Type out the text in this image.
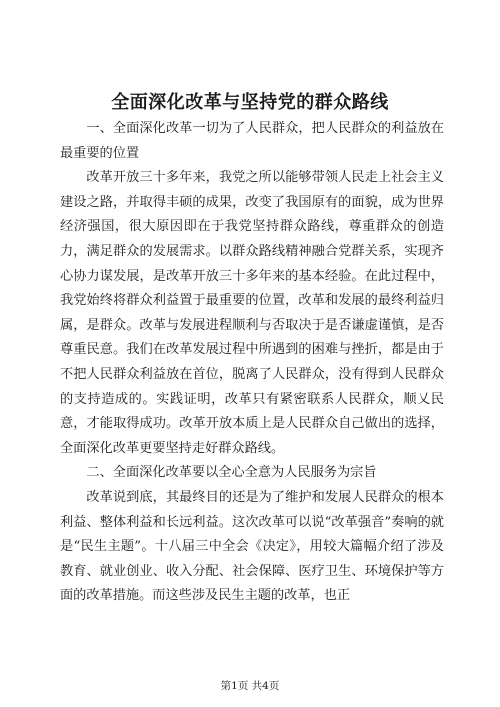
全面深化改革与坚持党的群众路线

一、全面深化改革一切为了人民群众，把人民群众的利益放在最重要的位置

改革开放三十多年来，我党之所以能够带领人民走上社会主义建设之路，并取得丰硕的成果，改变了我国原有的面貌，成为世界经济强国，很大原因即在于我党坚持群众路线，尊重群众的创造力，满足群众的发展需求。以群众路线精神融合党群关系，实现齐心协力谋发展，是改革开放三十多年来的基本经验。在此过程中，我党始终将群众利益置于最重要的位置，改革和发展的最终利益归属，是群众。改革与发展进程顺利与否取决于是否谦虚谨慎，是否尊重民意。我们在改革发展过程中所遇到的困难与挫折，都是由于不把人民群众利益放在首位，脱离了人民群众，没有得到人民群众的支持造成的。实践证明，改革只有紧密联系人民群众，顺乂民意，才能取得成功。改革开放本质上是人民群众自己做出的选择，全面深化改革更要坚持走好群众路线。

二、全面深化改革要以全心全意为人民服务为宗旨

改革说到底，其最终目的还是为了维护和发展人民群众的根本利益、整体利益和长远利益。这次改革可以说“改革强音”奏响的就是“民生主题”。十八届三中全会《决定》，用较大篇幅介绍了涉及教育、就业创业、收入分配、社会保障、医疗卫生、环境保护等方面的改革措施。而这些涉及民生主题的改革，也正

第1页 共4页
